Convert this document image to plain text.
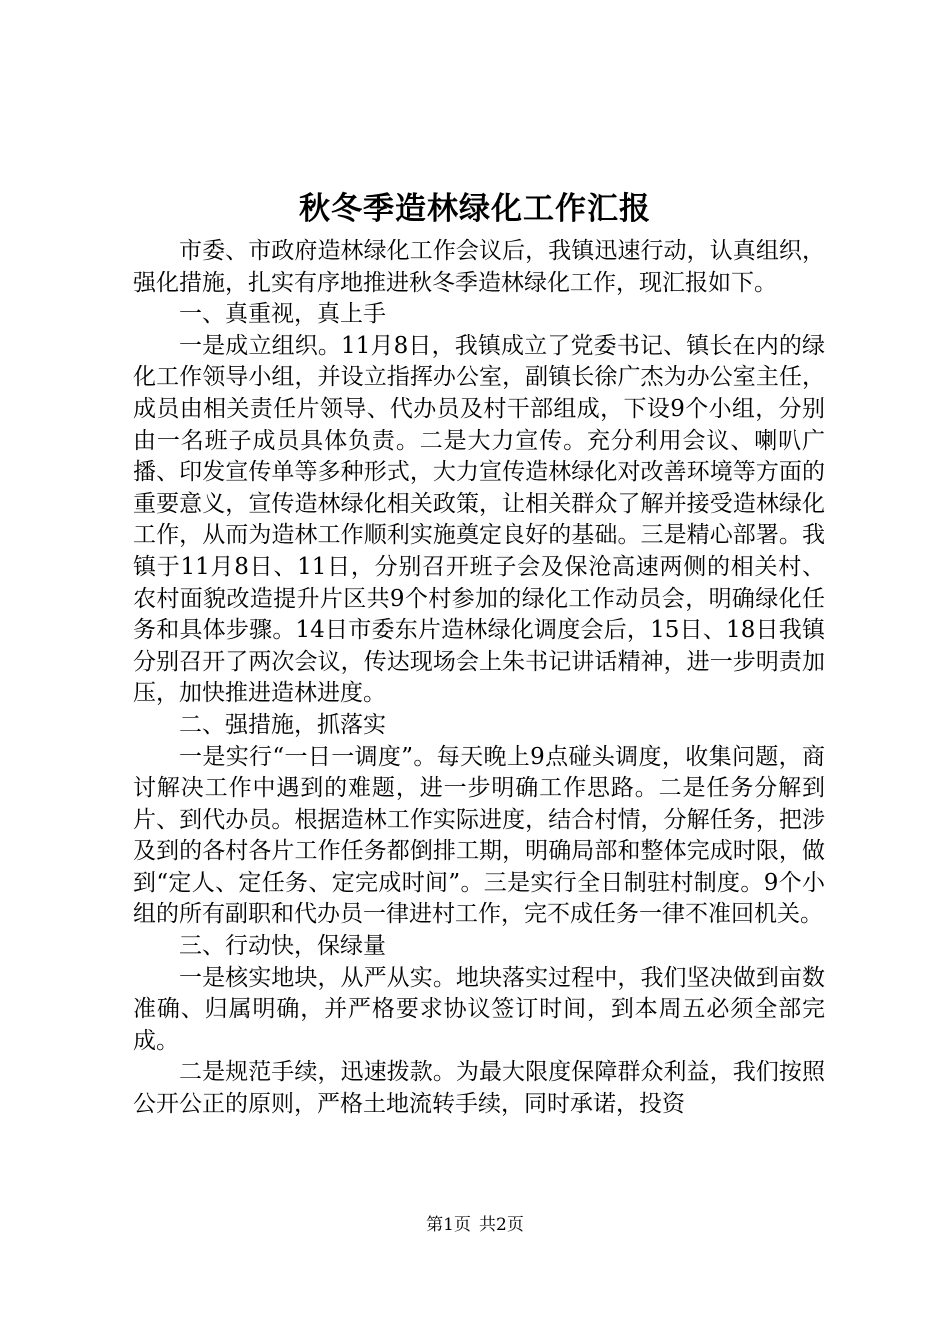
秋冬季造林绿化工作汇报

市委、市政府造林绿化工作会议后，我镇迅速行动，认真组织，强化措施，扎实有序地推进秋冬季造林绿化工作，现汇报如下。

一、真重视，真上手

一是成立组织。11月8日，我镇成立了党委书记、镇长在内的绿化工作领导小组，并设立指挥办公室，副镇长徐广杰为办公室主任，成员由相关责任片领导、代办员及村干部组成，下设9个小组，分别由一名班子成员具体负责。二是大力宣传。充分利用会议、喇叭广播、印发宣传单等多种形式，大力宣传造林绿化对改善环境等方面的重要意义，宣传造林绿化相关政策，让相关群众了解并接受造林绿化工作，从而为造林工作顺利实施奠定良好的基础。三是精心部署。我镇于11月8日、11日，分别召开班子会及保沧高速两侧的相关村、农村面貌改造提升片区共9个村参加的绿化工作动员会，明确绿化任务和具体步骤。14日市委东片造林绿化调度会后，15日、18日我镇分别召开了两次会议，传达现场会上朱书记讲话精神，进一步明责加压，加快推进造林进度。

二、强措施，抓落实

一是实行“一日一调度”。每天晚上9点碰头调度，收集问题，商讨解决工作中遇到的难题，进一步明确工作思路。二是任务分解到片、到代办员。根据造林工作实际进度，结合村情，分解任务，把涉及到的各村各片工作任务都倒排工期，明确局部和整体完成时限，做到“定人、定任务、定完成时间”。三是实行全日制驻村制度。9个小组的所有副职和代办员一律进村工作，完不成任务一律不准回机关。

三、行动快，保绿量

一是核实地块，从严从实。地块落实过程中，我们坚决做到亩数准确、归属明确，并严格要求协议签订时间，到本周五必须全部完成。

二是规范手续，迅速拨款。为最大限度保障群众利益，我们按照公开公正的原则，严格土地流转手续，同时承诺，投资

第1页 共2页
